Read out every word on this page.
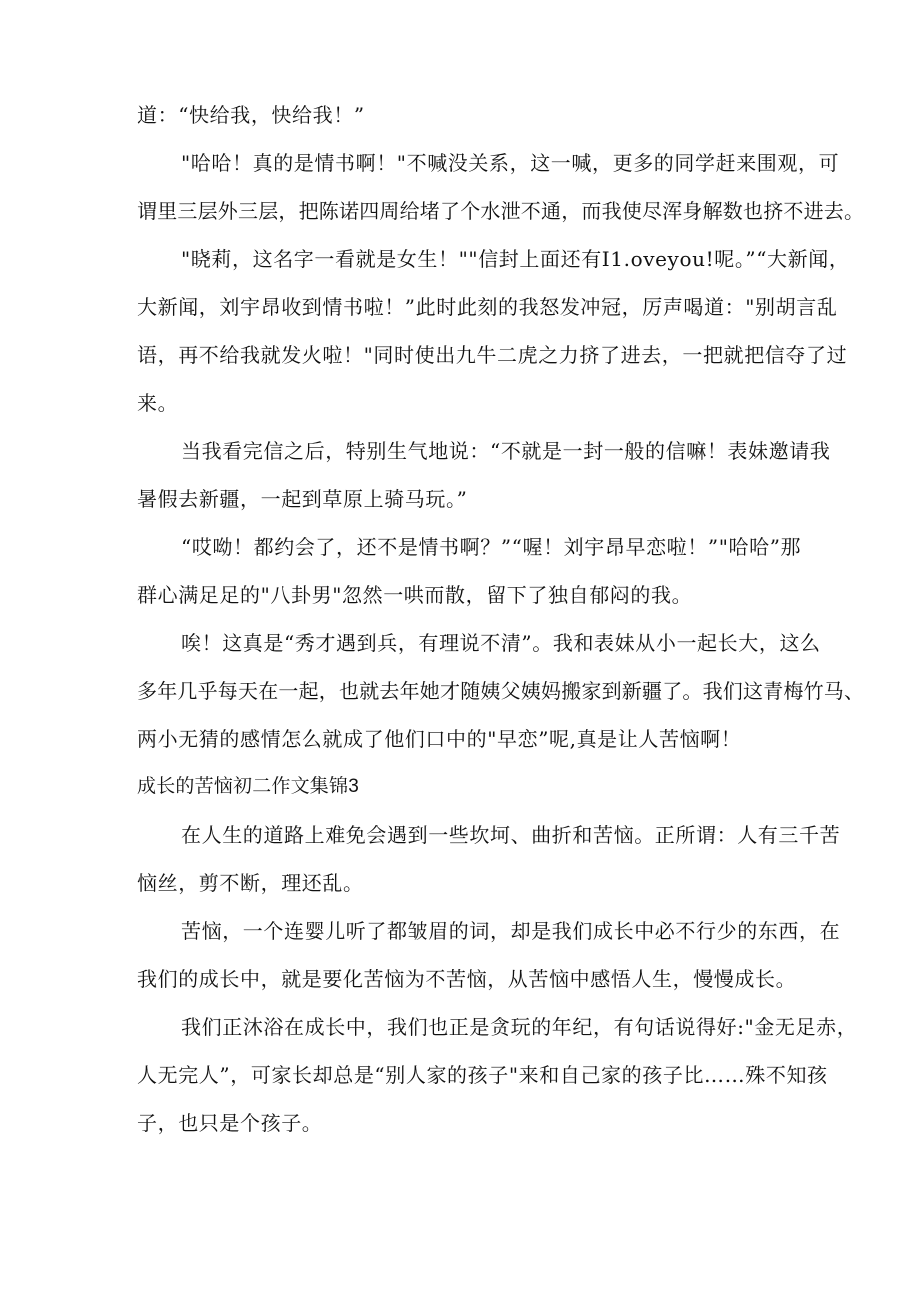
道：“快给我，快给我！”
"哈哈！真的是情书啊！"不喊没关系，这一喊，更多的同学赶来围观，可
谓里三层外三层，把陈诺四周给堵了个水泄不通，而我使尽浑身解数也挤不进去。
"晓莉，这名字一看就是女生！""信封上面还有I1.oveyou!呢。”“大新闻，
大新闻，刘宇昂收到情书啦！”此时此刻的我怒发冲冠，厉声喝道："别胡言乱
语，再不给我就发火啦！"同时使出九牛二虎之力挤了进去，一把就把信夺了过
来。
当我看完信之后，特别生气地说：“不就是一封一般的信嘛！表妹邀请我
暑假去新疆，一起到草原上骑马玩。”
“哎呦！都约会了，还不是情书啊？”“喔！刘宇昂早恋啦！”"哈哈”那
群心满足足的"八卦男"忽然一哄而散，留下了独自郁闷的我。
唉！这真是“秀才遇到兵，有理说不清”。我和表妹从小一起长大，这么
多年几乎每天在一起，也就去年她才随姨父姨妈搬家到新疆了。我们这青梅竹马、
两小无猜的感情怎么就成了他们口中的"早恋”呢,真是让人苦恼啊！
成长的苦恼初二作文集锦3
在人生的道路上难免会遇到一些坎坷、曲折和苦恼。正所谓：人有三千苦
恼丝，剪不断，理还乱。
苦恼，一个连婴儿听了都皱眉的词，却是我们成长中必不行少的东西，在
我们的成长中，就是要化苦恼为不苦恼，从苦恼中感悟人生，慢慢成长。
我们正沐浴在成长中，我们也正是贪玩的年纪，有句话说得好:"金无足赤，
人无完人”，可家长却总是“别人家的孩子"来和自己家的孩子比……殊不知孩
子，也只是个孩子。
